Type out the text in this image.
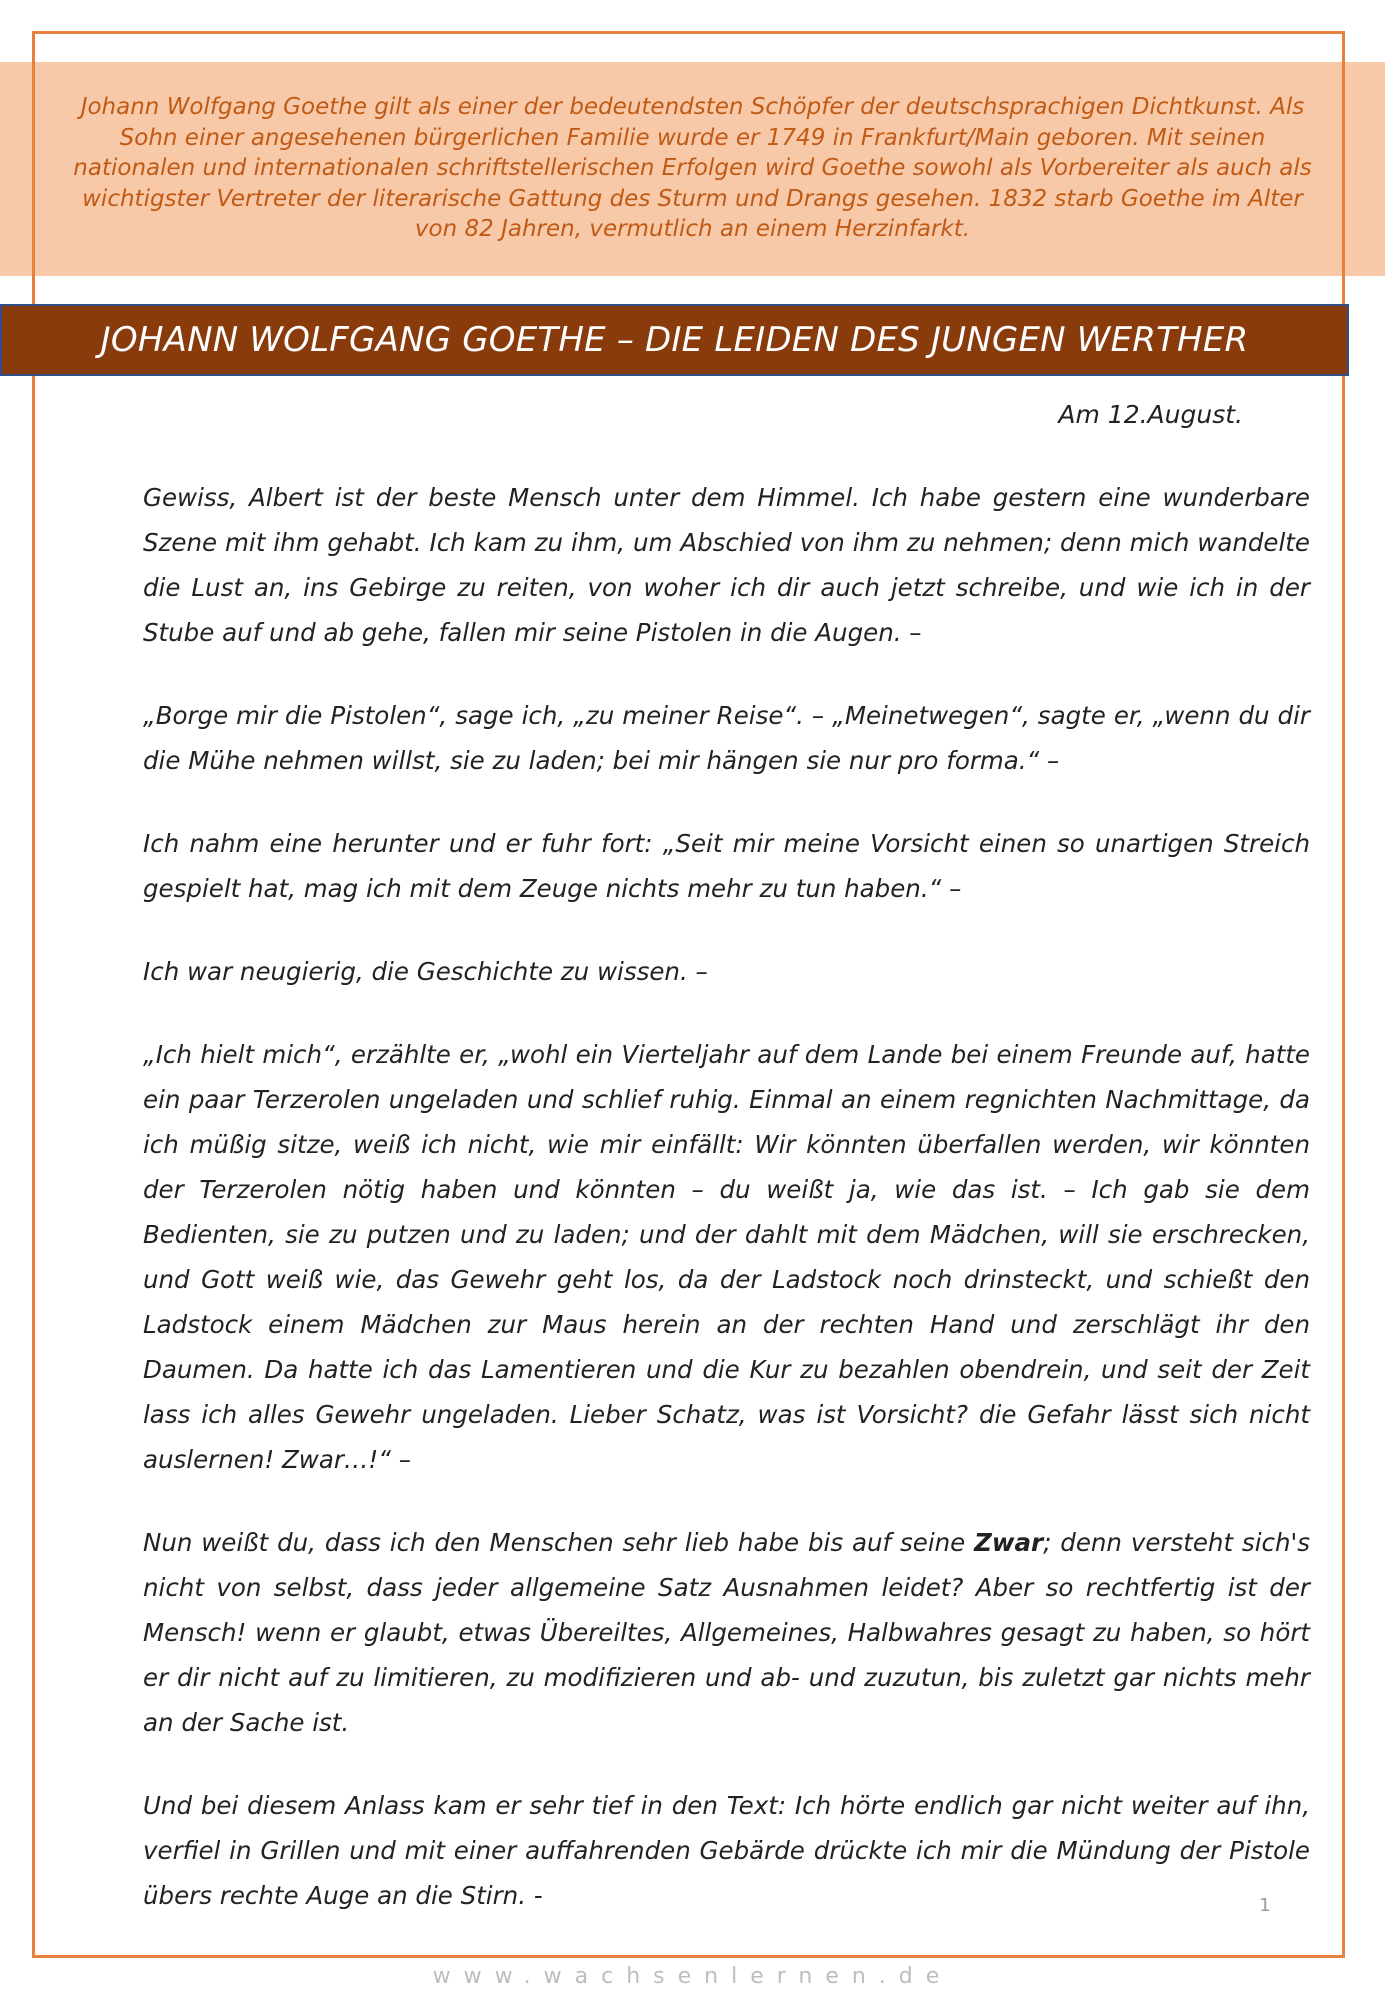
Johann Wolfgang Goethe gilt als einer der bedeutendsten Schöpfer der deutschsprachigen Dichtkunst. Als Sohn einer angesehenen bürgerlichen Familie wurde er 1749 in Frankfurt/Main geboren. Mit seinen nationalen und internationalen schriftstellerischen Erfolgen wird Goethe sowohl als Vorbereiter als auch als wichtigster Vertreter der literarische Gattung des Sturm und Drangs gesehen. 1832 starb Goethe im Alter von 82 Jahren, vermutlich an einem Herzinfarkt.

JOHANN WOLFGANG GOETHE – DIE LEIDEN DES JUNGEN WERTHER
Am 12.August.

Gewiss, Albert ist der beste Mensch unter dem Himmel. Ich habe gestern eine wunderbare Szene mit ihm gehabt. Ich kam zu ihm, um Abschied von ihm zu nehmen; denn mich wandelte die Lust an, ins Gebirge zu reiten, von woher ich dir auch jetzt schreibe, und wie ich in der Stube auf und ab gehe, fallen mir seine Pistolen in die Augen. –

„Borge mir die Pistolen“, sage ich, „zu meiner Reise“. – „Meinetwegen“, sagte er, „wenn du dir die Mühe nehmen willst, sie zu laden; bei mir hängen sie nur pro forma.“ –

Ich nahm eine herunter und er fuhr fort: „Seit mir meine Vorsicht einen so unartigen Streich gespielt hat, mag ich mit dem Zeuge nichts mehr zu tun haben.“ –

Ich war neugierig, die Geschichte zu wissen. –

„Ich hielt mich“, erzählte er, „wohl ein Vierteljahr auf dem Lande bei einem Freunde auf, hatte ein paar Terzerolen ungeladen und schlief ruhig. Einmal an einem regnichten Nachmittage, da ich müßig sitze, weiß ich nicht, wie mir einfällt: Wir könnten überfallen werden, wir könnten der Terzerolen nötig haben und könnten – du weißt ja, wie das ist. – Ich gab sie dem Bedienten, sie zu putzen und zu laden; und der dahlt mit dem Mädchen, will sie erschrecken, und Gott weiß wie, das Gewehr geht los, da der Ladstock noch drinsteckt, und schießt den Ladstock einem Mädchen zur Maus herein an der rechten Hand und zerschlägt ihr den Daumen. Da hatte ich das Lamentieren und die Kur zu bezahlen obendrein, und seit der Zeit lass ich alles Gewehr ungeladen. Lieber Schatz, was ist Vorsicht? die Gefahr lässt sich nicht auslernen! Zwar…!“ –

Nun weißt du, dass ich den Menschen sehr lieb habe bis auf seine Zwar; denn versteht sich's nicht von selbst, dass jeder allgemeine Satz Ausnahmen leidet? Aber so rechtfertig ist der Mensch! wenn er glaubt, etwas Übereiltes, Allgemeines, Halbwahres gesagt zu haben, so hört er dir nicht auf zu limitieren, zu modifizieren und ab- und zuzutun, bis zuletzt gar nichts mehr an der Sache ist.

Und bei diesem Anlass kam er sehr tief in den Text: Ich hörte endlich gar nicht weiter auf ihn, verfiel in Grillen und mit einer auffahrenden Gebärde drückte ich mir die Mündung der Pistole übers rechte Auge an die Stirn. -	1
www.wachsenlernen.de
